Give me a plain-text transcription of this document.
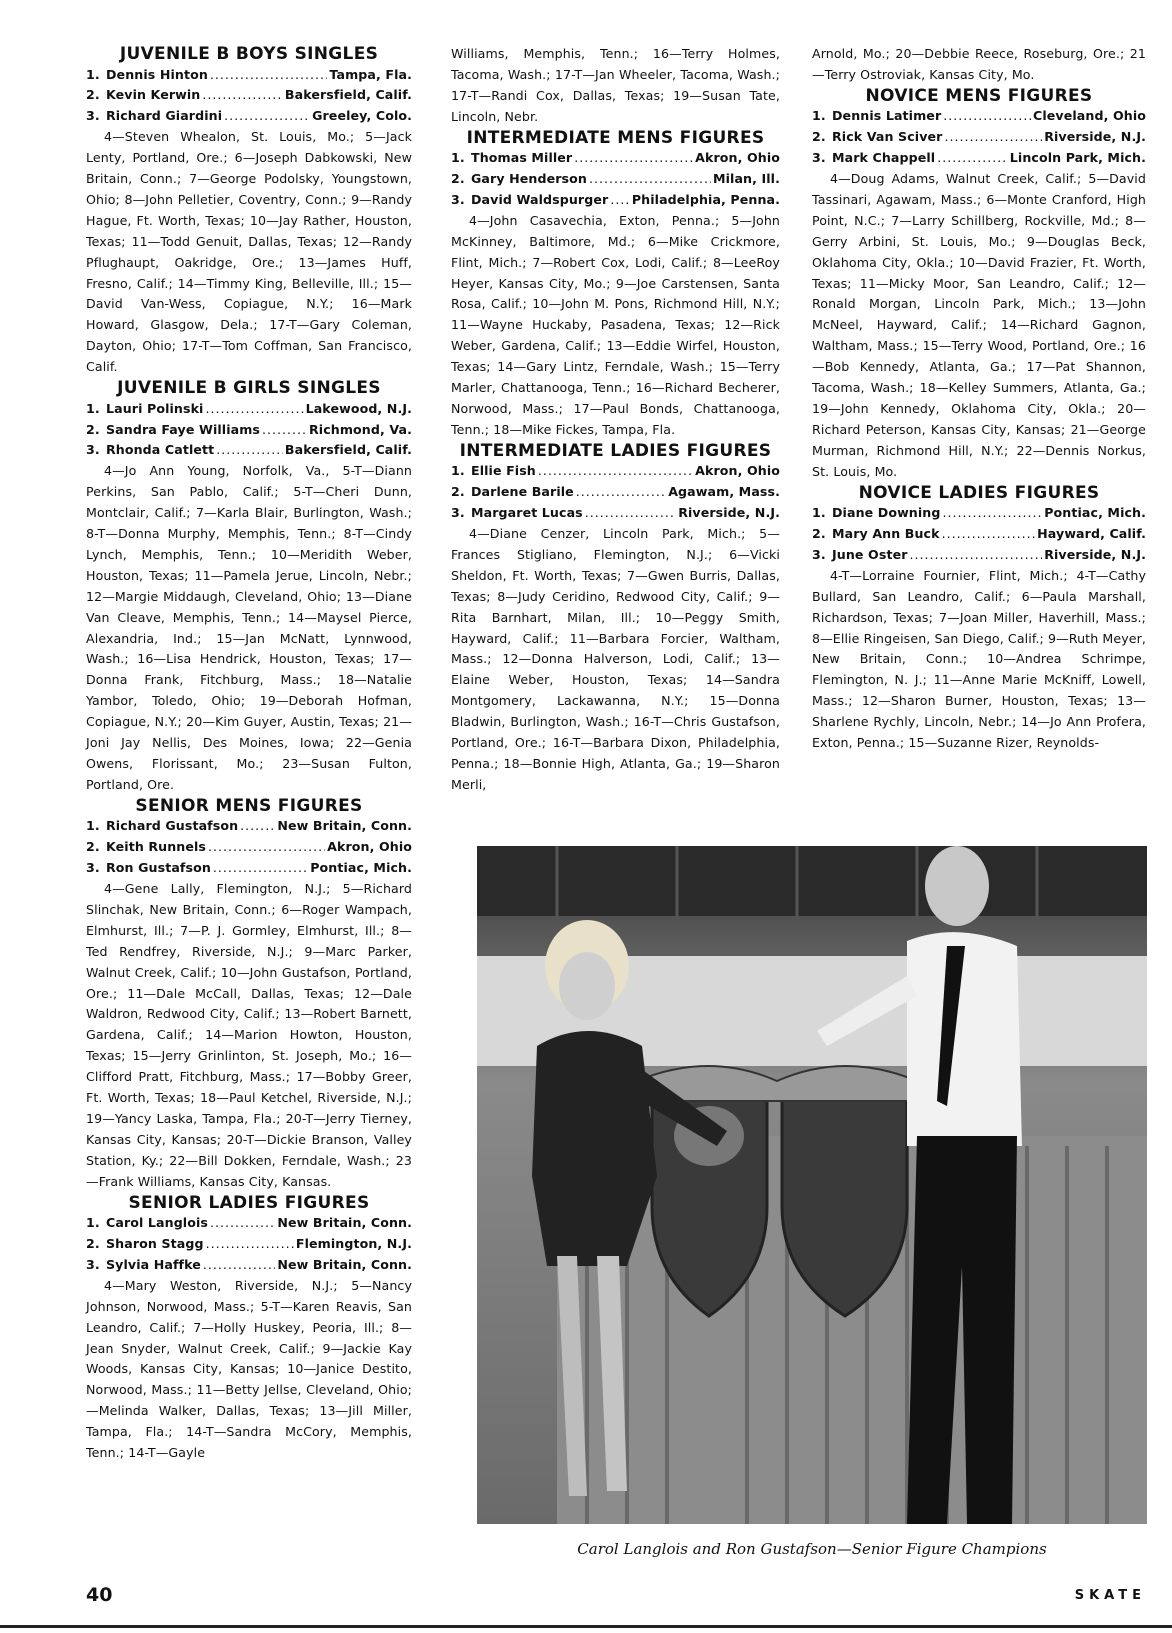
JUVENILE B BOYS SINGLES
1. Dennis Hinton .....	Tampa, Fla.
2. Kevin Kerwin .....	Bakersfield, Calif.
3. Richard Giardini .....	Greeley, Colo.

4—Steven Whealon, St. Louis, Mo.; 5—Jack Lenty, Portland, Ore.; 6—Joseph Dabkowski, New Britain, Conn.; 7—George Podolsky, Youngstown, Ohio; 8—John Pelletier, Coventry, Conn.; 9—Randy Hague, Ft. Worth, Texas; 10—Jay Rather, Houston, Texas; 11—Todd Genuit, Dallas, Texas; 12—Randy Pflughaupt, Oakridge, Ore.; 13—James Huff, Fresno, Calif.; 14—Timmy King, Belleville, Ill.; 15—David Van-Wess, Copiague, N.Y.; 16—Mark Howard, Glasgow, Dela.; 17-T—Gary Coleman, Dayton, Ohio; 17-T—Tom Coffman, San Francisco, Calif.

JUVENILE B GIRLS SINGLES
1. Lauri Polinski .....	Lakewood, N.J.
2. Sandra Faye Williams .....	Richmond, Va.
3. Rhonda Catlett .....	Bakersfield, Calif.

4—Jo Ann Young, Norfolk, Va., 5-T—Diann Perkins, San Pablo, Calif.; 5-T—Cheri Dunn, Montclair, Calif.; 7—Karla Blair, Burlington, Wash.; 8-T—Donna Murphy, Memphis, Tenn.; 8-T—Cindy Lynch, Memphis, Tenn.; 10—Meridith Weber, Houston, Texas; 11—Pamela Jerue, Lincoln, Nebr.; 12—Margie Middaugh, Cleveland, Ohio; 13—Diane Van Cleave, Memphis, Tenn.; 14—Maysel Pierce, Alexandria, Ind.; 15—Jan McNatt, Lynnwood, Wash.; 16—Lisa Hendrick, Houston, Texas; 17—Donna Frank, Fitchburg, Mass.; 18—Natalie Yambor, Toledo, Ohio; 19—Deborah Hofman, Copiague, N.Y.; 20—Kim Guyer, Austin, Texas; 21—Joni Jay Nellis, Des Moines, Iowa; 22—Genia Owens, Florissant, Mo.; 23—Susan Fulton, Portland, Ore.

SENIOR MENS FIGURES
1. Richard Gustafson .....	New Britain, Conn.
2. Keith Runnels .....	Akron, Ohio
3. Ron Gustafson .....	Pontiac, Mich.

4—Gene Lally, Flemington, N.J.; 5—Richard Slinchak, New Britain, Conn.; 6—Roger Wampach, Elmhurst, Ill.; 7—P. J. Gormley, Elmhurst, Ill.; 8—Ted Rendfrey, Riverside, N.J.; 9—Marc Parker, Walnut Creek, Calif.; 10—John Gustafson, Portland, Ore.; 11—Dale McCall, Dallas, Texas; 12—Dale Waldron, Redwood City, Calif.; 13—Robert Barnett, Gardena, Calif.; 14—Marion Howton, Houston, Texas; 15—Jerry Grinlinton, St. Joseph, Mo.; 16—Clifford Pratt, Fitchburg, Mass.; 17—Bobby Greer, Ft. Worth, Texas; 18—Paul Ketchel, Riverside, N.J.; 19—Yancy Laska, Tampa, Fla.; 20-T—Jerry Tierney, Kansas City, Kansas; 20-T—Dickie Branson, Valley Station, Ky.; 22—Bill Dokken, Ferndale, Wash.; 23—Frank Williams, Kansas City, Kansas.

SENIOR LADIES FIGURES
1. Carol Langlois .....	New Britain, Conn.
2. Sharon Stagg .....	Flemington, N.J.
3. Sylvia Haffke .....	New Britain, Conn.

4—Mary Weston, Riverside, N.J.; 5—Nancy Johnson, Norwood, Mass.; 5-T—Karen Reavis, San Leandro, Calif.; 7—Holly Huskey, Peoria, Ill.; 8—Jean Snyder, Walnut Creek, Calif.; 9—Jackie Kay Woods, Kansas City, Kansas; 10—Janice Destito, Norwood, Mass.; 11—Betty Jellse, Cleveland, Ohio;—Melinda Walker, Dallas, Texas; 13—Jill Miller, Tampa, Fla.; 14-T—Sandra McCory, Memphis, Tenn.; 14-T—Gayle

Williams, Memphis, Tenn.; 16—Terry Holmes, Tacoma, Wash.; 17-T—Jan Wheeler, Tacoma, Wash.; 17-T—Randi Cox, Dallas, Texas; 19—Susan Tate, Lincoln, Nebr.

INTERMEDIATE MENS FIGURES
1. Thomas Miller .....	Akron, Ohio
2. Gary Henderson .....	Milan, Ill.
3. David Waldspurger ..... Philadelphia, Penna.

4—John Casavechia, Exton, Penna.; 5—John McKinney, Baltimore, Md.; 6—Mike Crickmore, Flint, Mich.; 7—Robert Cox, Lodi, Calif.; 8—LeeRoy Heyer, Kansas City, Mo.; 9—Joe Carstensen, Santa Rosa, Calif.; 10—John M. Pons, Richmond Hill, N.Y.; 11—Wayne Huckaby, Pasadena, Texas; 12—Rick Weber, Gardena, Calif.; 13—Eddie Wirfel, Houston, Texas; 14—Gary Lintz, Ferndale, Wash.; 15—Terry Marler, Chattanooga, Tenn.; 16—Richard Becherer, Norwood, Mass.; 17—Paul Bonds, Chattanooga, Tenn.; 18—Mike Fickes, Tampa, Fla.

INTERMEDIATE LADIES FIGURES
1. Ellie Fish .....	Akron, Ohio
2. Darlene Barile .....	Agawam, Mass.
3. Margaret Lucas .....	Riverside, N.J.

4—Diane Cenzer, Lincoln Park, Mich.; 5—Frances Stigliano, Flemington, N.J.; 6—Vicki Sheldon, Ft. Worth, Texas; 7—Gwen Burris, Dallas, Texas; 8—Judy Ceridino, Redwood City, Calif.; 9—Rita Barnhart, Milan, Ill.; 10—Peggy Smith, Hayward, Calif.; 11—Barbara Forcier, Waltham, Mass.; 12—Donna Halverson, Lodi, Calif.; 13—Elaine Weber, Houston, Texas; 14—Sandra Montgomery, Lackawanna, N.Y.; 15—Donna Bladwin, Burlington, Wash.; 16-T—Chris Gustafson, Portland, Ore.; 16-T—Barbara Dixon, Philadelphia, Penna.; 18—Bonnie High, Atlanta, Ga.; 19—Sharon Merli,

Arnold, Mo.; 20—Debbie Reece, Roseburg, Ore.; 21—Terry Ostroviak, Kansas City, Mo.

NOVICE MENS FIGURES
1. Dennis Latimer .....	Cleveland, Ohio
2. Rick Van Sciver .....	Riverside, N.J.
3. Mark Chappell .....	Lincoln Park, Mich.

4—Doug Adams, Walnut Creek, Calif.; 5—David Tassinari, Agawam, Mass.; 6—Monte Cranford, High Point, N.C.; 7—Larry Schillberg, Rockville, Md.; 8—Gerry Arbini, St. Louis, Mo.; 9—Douglas Beck, Oklahoma City, Okla.; 10—David Frazier, Ft. Worth, Texas; 11—Micky Moor, San Leandro, Calif.; 12—Ronald Morgan, Lincoln Park, Mich.; 13—John McNeel, Hayward, Calif.; 14—Richard Gagnon, Waltham, Mass.; 15—Terry Wood, Portland, Ore.; 16—Bob Kennedy, Atlanta, Ga.; 17—Pat Shannon, Tacoma, Wash.; 18—Kelley Summers, Atlanta, Ga.; 19—John Kennedy, Oklahoma City, Okla.; 20—Richard Peterson, Kansas City, Kansas; 21—George Murman, Richmond Hill, N.Y.; 22—Dennis Norkus, St. Louis, Mo.

NOVICE LADIES FIGURES
1. Diane Downing .....	Pontiac, Mich.
2. Mary Ann Buck .....	Hayward, Calif.
3. June Oster .....	Riverside, N.J.

4-T—Lorraine Fournier, Flint, Mich.; 4-T—Cathy Bullard, San Leandro, Calif.; 6—Paula Marshall, Richardson, Texas; 7—Joan Miller, Haverhill, Mass.; 8—Ellie Ringeisen, San Diego, Calif.; 9—Ruth Meyer, New Britain, Conn.; 10—Andrea Schrimpe, Flemington, N. J.; 11—Anne Marie McKniff, Lowell, Mass.; 12—Sharon Burner, Houston, Texas; 13—Sharlene Rychly, Lincoln, Nebr.; 14—Jo Ann Profera, Exton, Penna.; 15—Suzanne Rizer, Reynolds-

Carol Langlois and Ron Gustafson—Senior Figure Champions
40	SKATE
